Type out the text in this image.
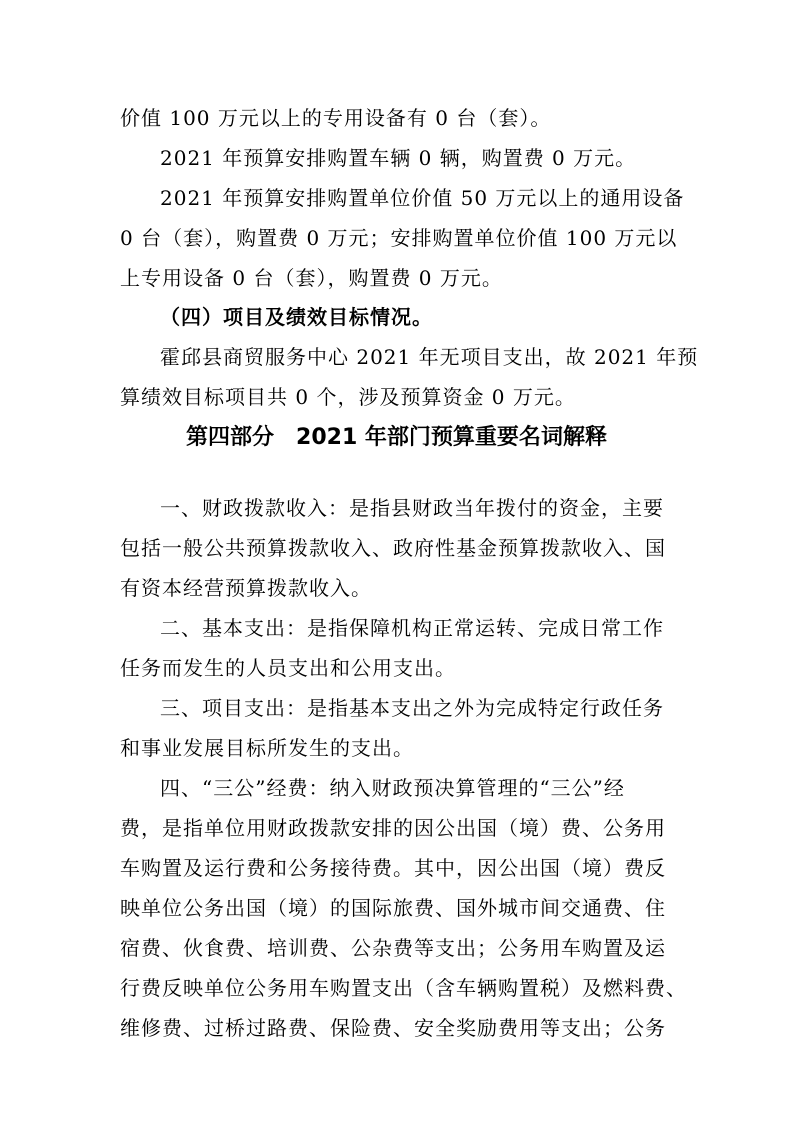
价值 100 万元以上的专用设备有 0 台（套）。
2021 年预算安排购置车辆 0 辆，购置费 0 万元。
2021 年预算安排购置单位价值 50 万元以上的通用设备
0 台（套），购置费 0 万元；安排购置单位价值 100 万元以
上专用设备 0 台（套），购置费 0 万元。
（四）项目及绩效目标情况。
霍邱县商贸服务中心 2021 年无项目支出，故 2021 年预
算绩效目标项目共 0 个，涉及预算资金 0 万元。
第四部分　2021 年部门预算重要名词解释
一、财政拨款收入：是指县财政当年拨付的资金，主要
包括一般公共预算拨款收入、政府性基金预算拨款收入、国
有资本经营预算拨款收入。
二、基本支出：是指保障机构正常运转、完成日常工作
任务而发生的人员支出和公用支出。
三、项目支出：是指基本支出之外为完成特定行政任务
和事业发展目标所发生的支出。
四、“三公”经费：纳入财政预决算管理的“三公”经
费，是指单位用财政拨款安排的因公出国（境）费、公务用
车购置及运行费和公务接待费。其中，因公出国（境）费反
映单位公务出国（境）的国际旅费、国外城市间交通费、住
宿费、伙食费、培训费、公杂费等支出；公务用车购置及运
行费反映单位公务用车购置支出（含车辆购置税）及燃料费、
维修费、过桥过路费、保险费、安全奖励费用等支出；公务
